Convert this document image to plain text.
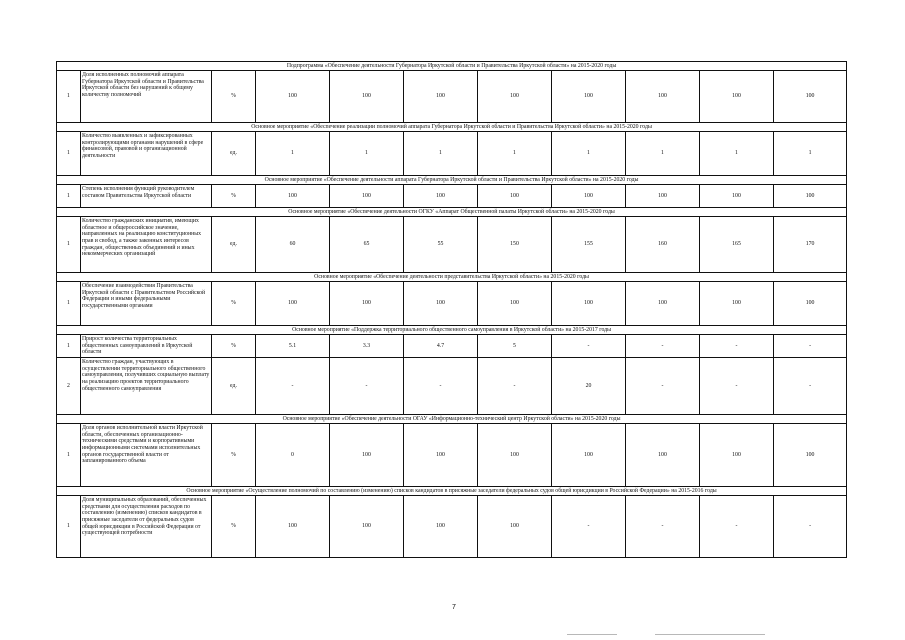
Подпрограмма «Обеспечение деятельности Губернатора Иркутской области и Правительства Иркутской области» на 2015-2020 годы										
1	Доля исполненных полномочий аппарата Губернатора Иркутской области и Правительства Иркутской области без нарушений к общему количеству полномочий	%	100	100	100	100	100	100	100	100
Основное мероприятие «Обеспечение реализации полномочий аппарата Губернатора Иркутской области и Правительства Иркутской области» на 2015-2020 годы										
1	Количество выявленных и зафиксированных контролирующими органами нарушений в сфере финансовой, правовой и организационной деятельности	ед.	1	1	1	1	1	1	1	1
Основное мероприятие «Обеспечение деятельности аппарата Губернатора Иркутской области и Правительства Иркутской области» на 2015-2020 годы										
1	Степень исполнения функций руководителем составом Правительства Иркутской области	%	100	100	100	100	100	100	100	100
Основное мероприятие «Обеспечение деятельности ОГКУ «Аппарат Общественной палаты Иркутской области» на 2015-2020 годы										
1	Количество гражданских инициатив, имеющих областное и общероссийское значение, направленных на реализацию конституционных прав и свобод, а также законных интересов граждан, общественных объединений и иных некоммерческих организаций	ед.	60	65	55	150	155	160	165	170
Основное мероприятие «Обеспечение деятельности представительства Иркутской области» на 2015-2020 годы										
1	Обеспечение взаимодействия Правительства Иркутской области с Правительством Российской Федерации и иными федеральными государственными органами	%	100	100	100	100	100	100	100	100
Основное мероприятие «Поддержка территориального общественного самоуправления в Иркутской области» на 2015-2017 годы										
1	Прирост количества территориальных общественных самоуправлений в Иркутской области	%	5.1	3.3	4.7	5	-	-	-	-
2	Количество граждан, участвующих в осуществлении территориального общественного самоуправления, получивших социальную выплату на реализацию проектов территориального общественного самоуправления	ед.	-	-	-	-	20	-	-	-
Основное мероприятие «Обеспечение деятельности ОГАУ «Информационно-технический центр Иркутской области» на 2015-2020 годы										
1	Доля органов исполнительной власти Иркутской области, обеспеченных организационно-техническими средствами и корпоративными информационными системами исполнительных органов государственной власти от запланированного объема	%	0	100	100	100	100	100	100	100
Основное мероприятие «Осуществление полномочий по составлению (изменению) списков кандидатов в присяжные заседатели федеральных судов общей юрисдикции в Российской Федерации» на 2015-2016 годы										
1	Доля муниципальных образований, обеспеченных средствами для осуществления расходов по составлению (изменению) списков кандидатов в присяжные заседатели от федеральных судов общей юрисдикции в Российской Федерации от существующей потребности	%	100	100	100	100	-	-	-	-
7
